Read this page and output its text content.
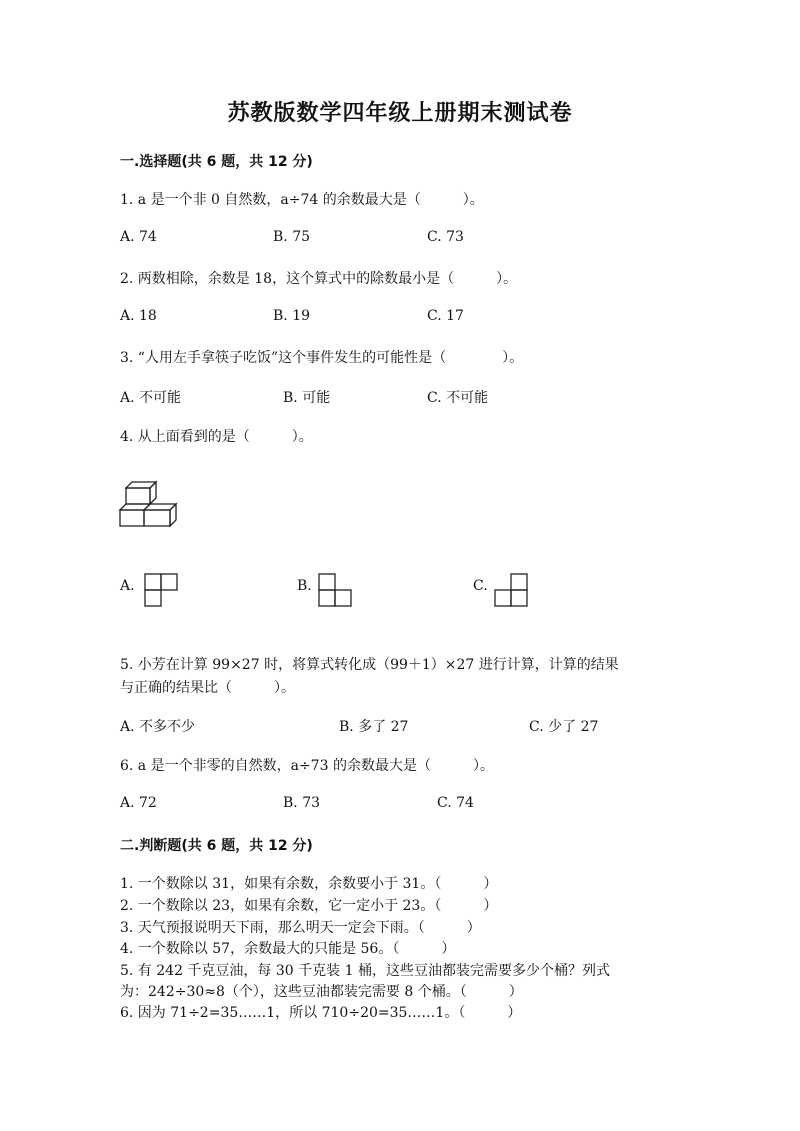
苏教版数学四年级上册期末测试卷
一.选择题(共 6 题，共 12 分)
1. a 是一个非 0 自然数，a÷74 的余数最大是（　　　）。
A. 74	B. 75	C. 73
2. 两数相除，余数是 18，这个算式中的除数最小是（　　　）。
A. 18	B. 19	C. 17
3. “人用左手拿筷子吃饭”这个事件发生的可能性是（　　　　）。
A. 不可能	B. 可能	C. 不可能
4. 从上面看到的是（　　　）。
A.	B.	C.
5. 小芳在计算 99×27 时，将算式转化成（99＋1）×27 进行计算，计算的结果
与正确的结果比（　　　）。
A. 不多不少	B. 多了 27	C. 少了 27
6. a 是一个非零的自然数，a÷73 的余数最大是（　　　）。
A. 72	B. 73	C. 74
二.判断题(共 6 题，共 12 分)
1. 一个数除以 31，如果有余数，余数要小于 31。（　　　）
2. 一个数除以 23，如果有余数，它一定小于 23。（　　　）
3. 天气预报说明天下雨，那么明天一定会下雨。（　　　）
4. 一个数除以 57，余数最大的只能是 56。（　　　）
5. 有 242 千克豆油，每 30 千克装 1 桶，这些豆油都装完需要多少个桶？列式
为：242÷30≈8（个），这些豆油都装完需要 8 个桶。（　　　）
6. 因为 71÷2=35……1，所以 710÷20=35……1。（　　　）
